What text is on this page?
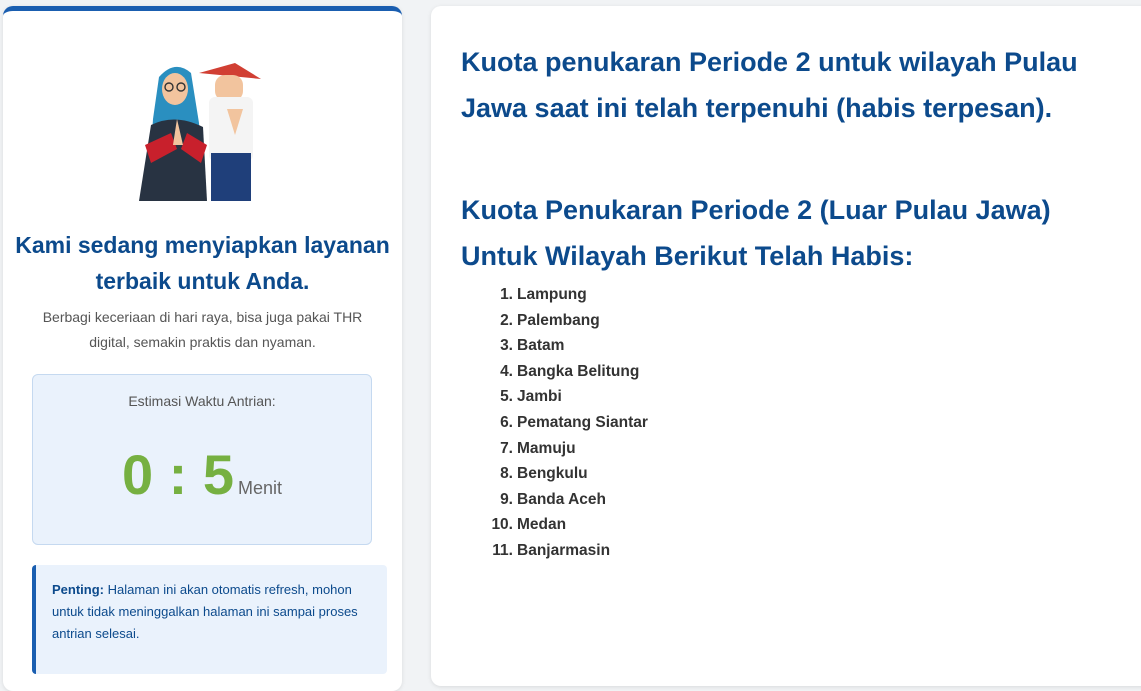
Kami sedang menyiapkan layanan terbaik untuk Anda.

Berbagi keceriaan di hari raya, bisa juga pakai THR digital, semakin praktis dan nyaman.

Estimasi Waktu Antrian:

0 : 5 Menit

Penting: Halaman ini akan otomatis refresh, mohon untuk tidak meninggalkan halaman ini sampai proses antrian selesai.

Kuota penukaran Periode 2 untuk wilayah Pulau Jawa saat ini telah terpenuhi (habis terpesan).
Kuota Penukaran Periode 2 (Luar Pulau Jawa) Untuk Wilayah Berikut Telah Habis:
1. Lampung
2. Palembang
3. Batam
4. Bangka Belitung
5. Jambi
6. Pematang Siantar
7. Mamuju
8. Bengkulu
9. Banda Aceh
10. Medan
11. Banjarmasin
